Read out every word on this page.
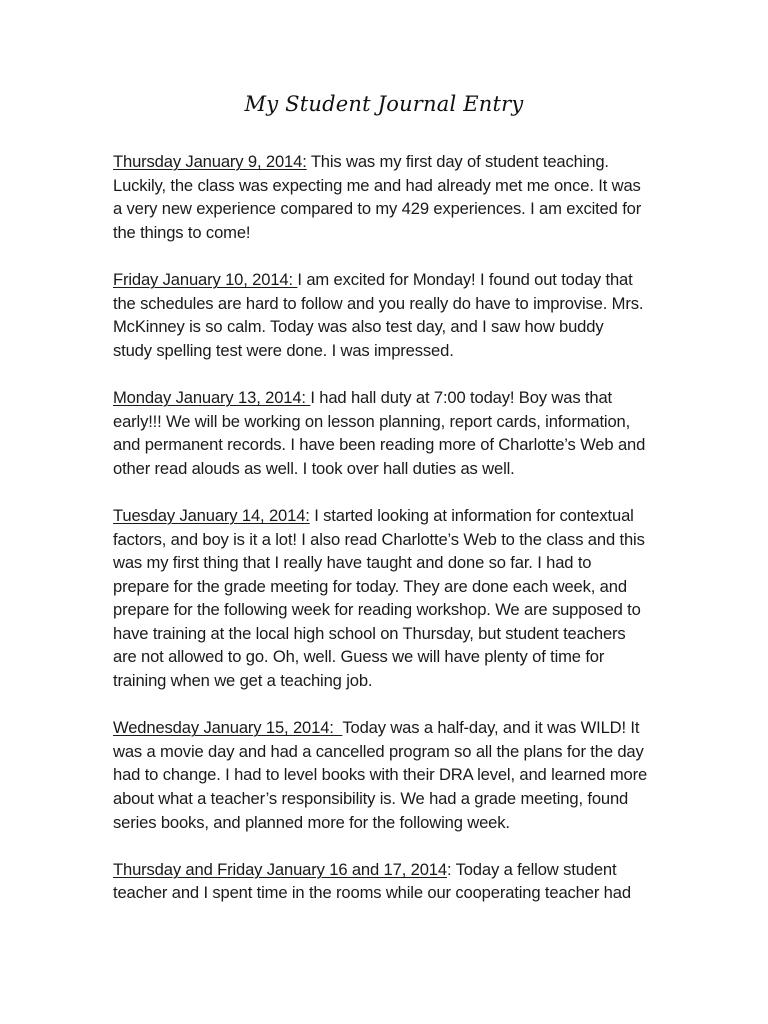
My Student Journal Entry

Thursday January 9, 2014: This was my first day of student teaching.
Luckily, the class was expecting me and had already met me once. It was
a very new experience compared to my 429 experiences. I am excited for
the things to come!

Friday January 10, 2014: I am excited for Monday! I found out today that
the schedules are hard to follow and you really do have to improvise. Mrs.
McKinney is so calm. Today was also test day, and I saw how buddy
study spelling test were done. I was impressed.

Monday January 13, 2014: I had hall duty at 7:00 today! Boy was that
early!!! We will be working on lesson planning, report cards, information,
and permanent records. I have been reading more of Charlotte’s Web and
other read alouds as well. I took over hall duties as well.

Tuesday January 14, 2014: I started looking at information for contextual
factors, and boy is it a lot! I also read Charlotte’s Web to the class and this
was my first thing that I really have taught and done so far. I had to
prepare for the grade meeting for today. They are done each week, and
prepare for the following week for reading workshop. We are supposed to
have training at the local high school on Thursday, but student teachers
are not allowed to go. Oh, well. Guess we will have plenty of time for
training when we get a teaching job.

Wednesday January 15, 2014:  Today was a half-day, and it was WILD! It
was a movie day and had a cancelled program so all the plans for the day
had to change. I had to level books with their DRA level, and learned more
about what a teacher’s responsibility is. We had a grade meeting, found
series books, and planned more for the following week.

Thursday and Friday January 16 and 17, 2014: Today a fellow student
teacher and I spent time in the rooms while our cooperating teacher had
